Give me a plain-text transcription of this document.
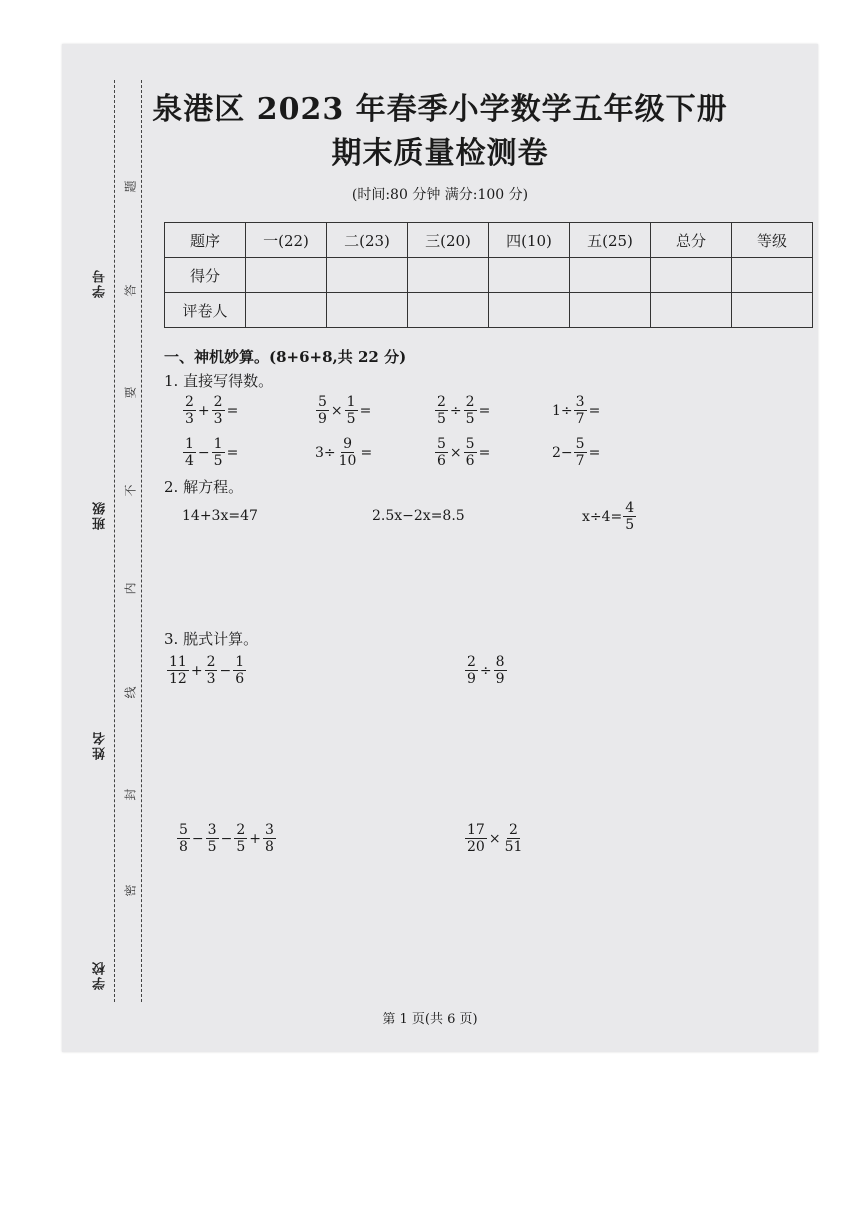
学号
班级
姓名
学校
题
答
要
不
内
线
封
密
泉港区 2023 年春季小学数学五年级下册
期末质量检测卷
(时间:80 分钟 满分:100 分)
题序	一(22)	二(23)	三(20)	四(10)	五(25)	总分	等级
得分							
评卷人							
一、神机妙算。(8+6+8,共 22 分)
1. 直接写得数。
$\frac{2}{3} + \frac{2}{3}$ =	$\frac{5}{9} \times \frac{1}{5}$ =	$\frac{2}{5} \div \frac{2}{5}$ =	$1\div \frac{3}{7}$ =
$\frac{1}{4} - \frac{1}{5}$ =	$3\div \frac{9}{10}$ =	$\frac{5}{6} \times \frac{5}{6}$ =	$2- \frac{5}{7}$ =
2. 解方程。
14+3x=47	2.5x−2x=8.5	$x\div 4= \frac{4}{5}$
3. 脱式计算。
$\frac{11}{12} + \frac{2}{3} - \frac{1}{6}$	$\frac{2}{9} \div \frac{8}{9}$
$\frac{5}{8} - \frac{3}{5} - \frac{2}{5} + \frac{3}{8}$	$\frac{17}{20} \times \frac{2}{51}$
第 1 页(共 6 页)
